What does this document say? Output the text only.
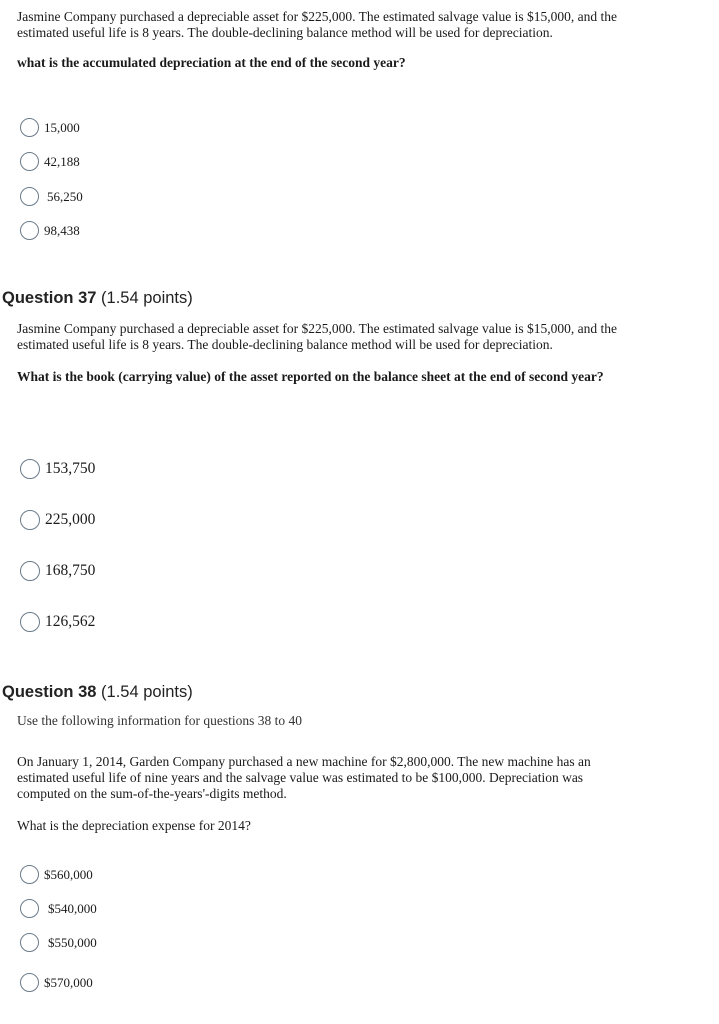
Jasmine Company purchased a depreciable asset for $225,000. The estimated salvage value is $15,000, and the estimated useful life is 8 years. The double-declining balance method will be used for depreciation.
what is the accumulated depreciation at the end of the second year?
15,000
42,188
56,250
98,438
Question 37 (1.54 points)
Jasmine Company purchased a depreciable asset for $225,000. The estimated salvage value is $15,000, and the estimated useful life is 8 years. The double-declining balance method will be used for depreciation.
What is the book (carrying value) of the asset reported on the balance sheet at the end of second year?
153,750
225,000
168,750
126,562
Question 38 (1.54 points)
Use the following information for questions 38 to 40
On January 1, 2014, Garden Company purchased a new machine for $2,800,000. The new machine has an estimated useful life of nine years and the salvage value was estimated to be $100,000. Depreciation was computed on the sum-of-the-years'-digits method.
What is the depreciation expense for 2014?
$560,000
$540,000
$550,000
$570,000
